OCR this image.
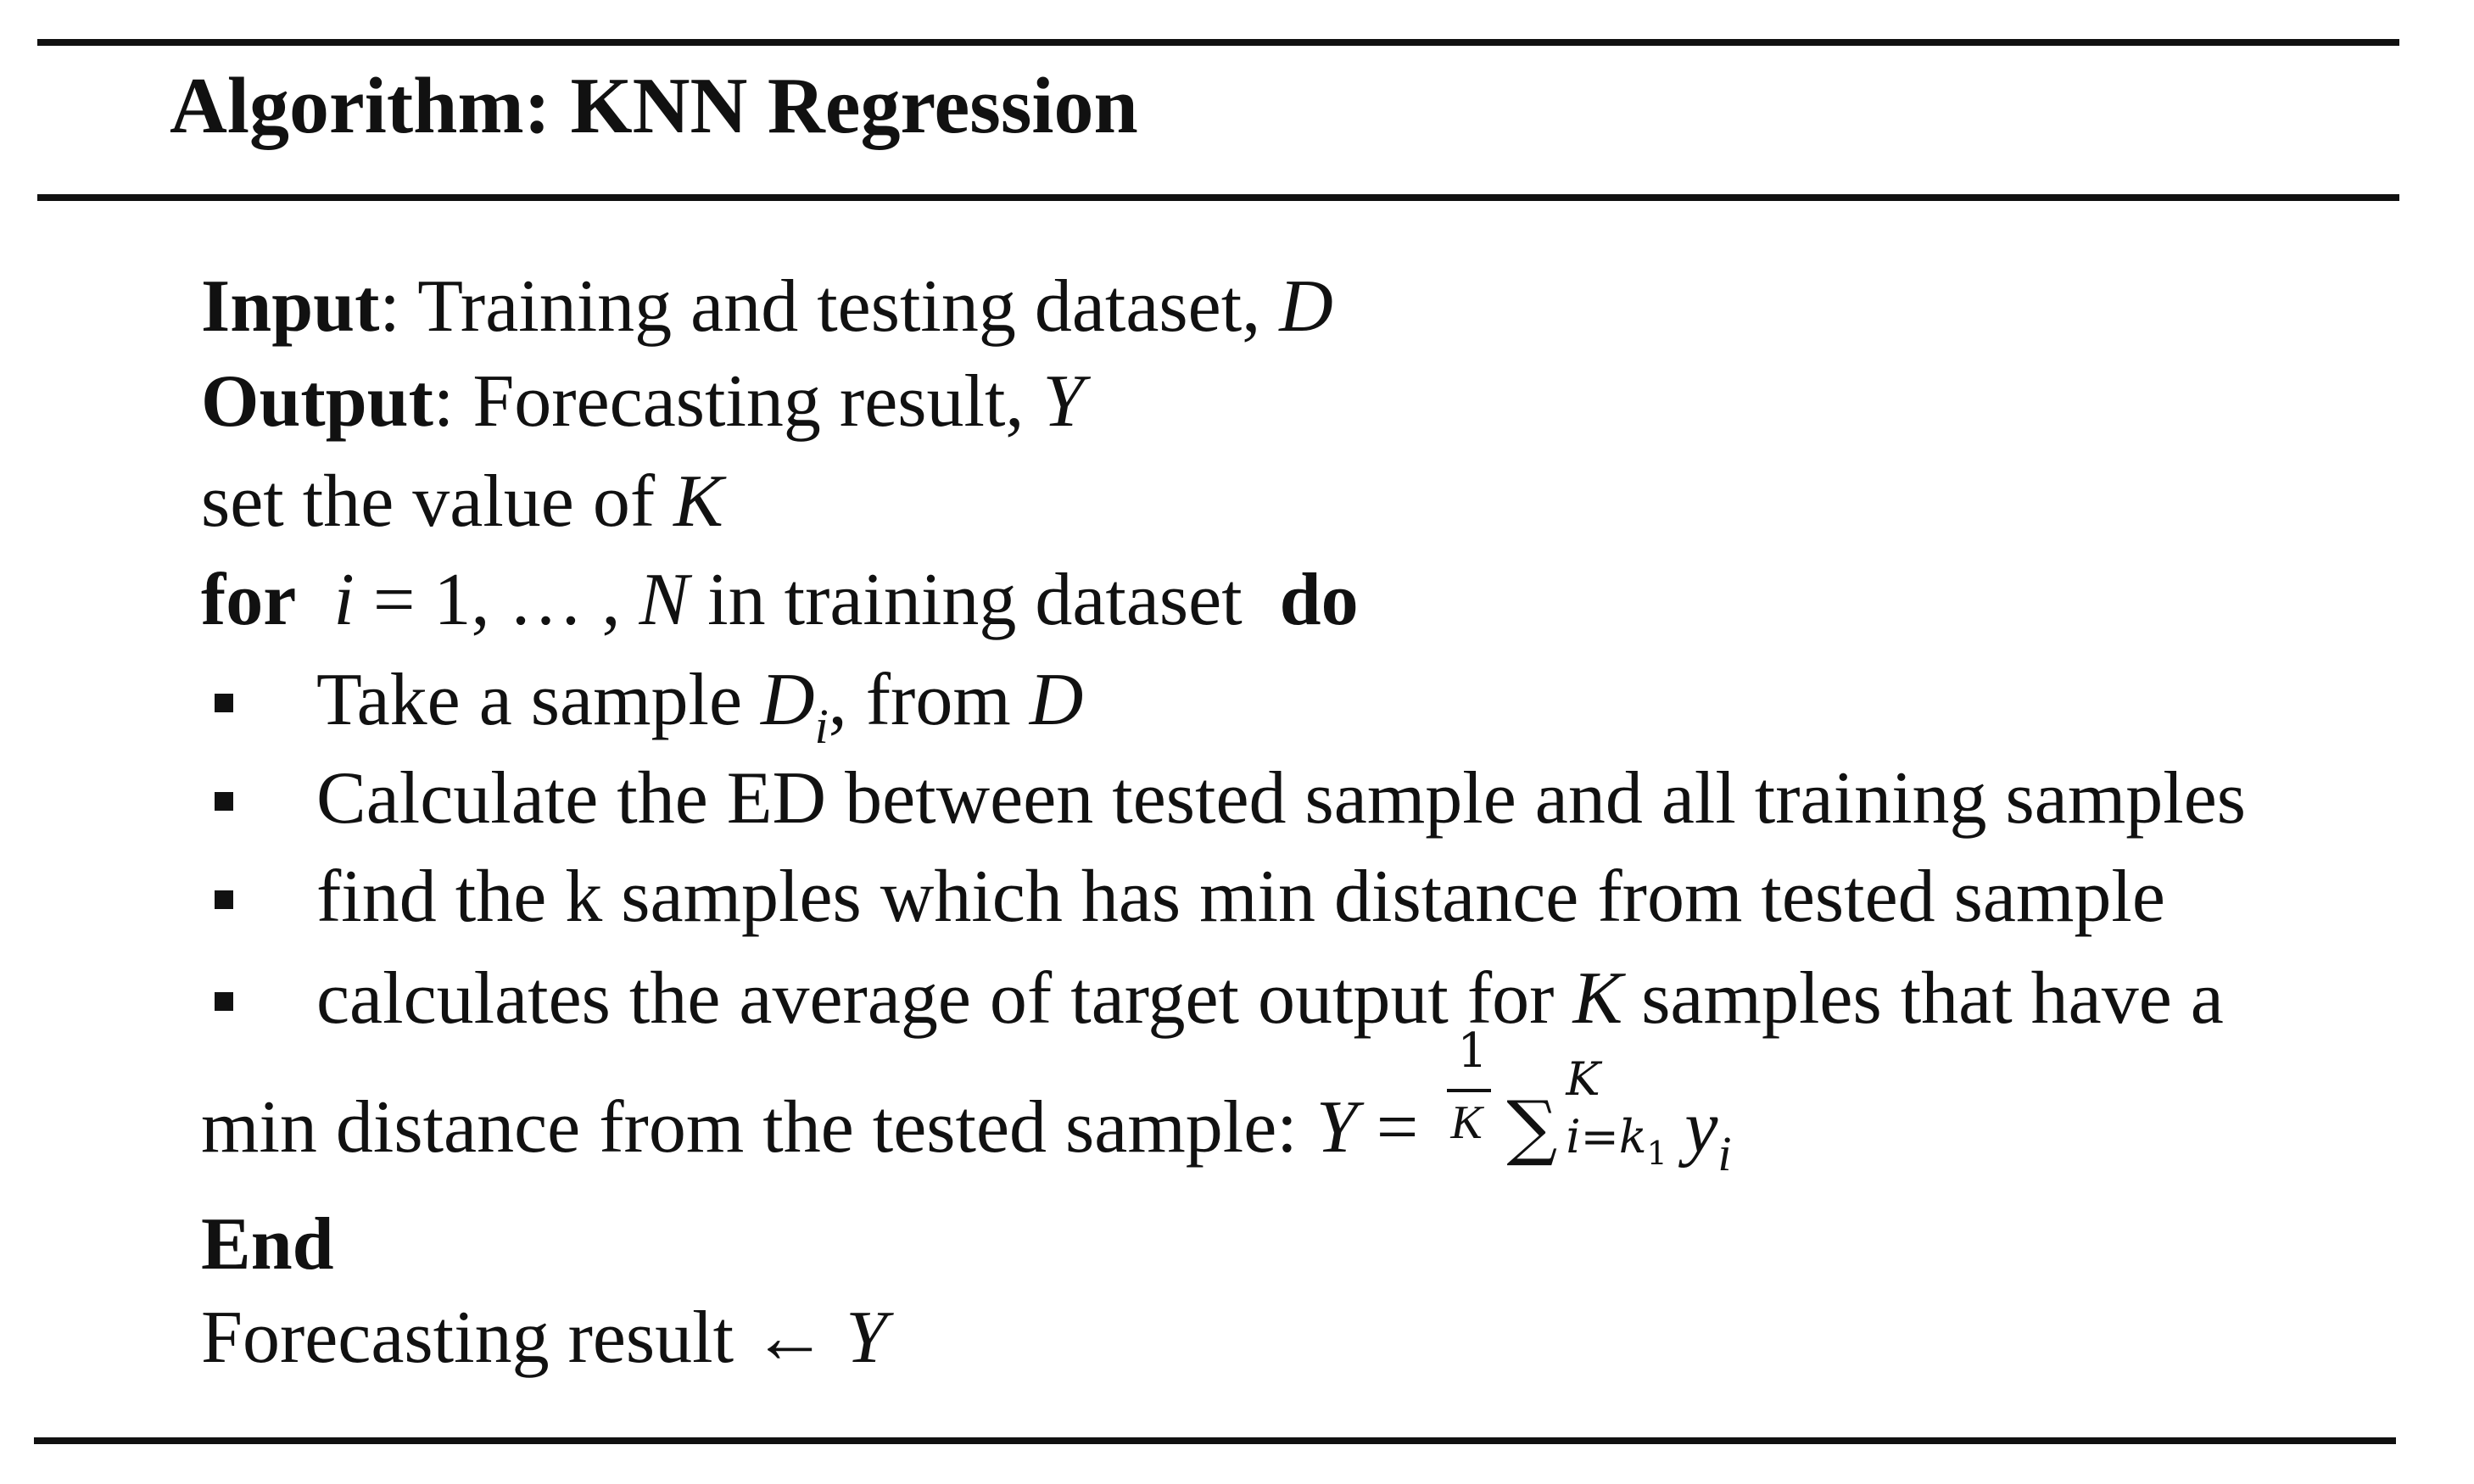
Algorithm: KNN Regression
Input: Training and testing dataset, D
Output: Forecasting result, Y
set the value of K
for i = 1, … , N in training dataset do
Take a sample $D_i$, from D
Calculate the ED between tested sample and all training samples
find the k samples which has min distance from tested sample
calculates the average of target output for K samples that have a
min distance from the tested sample: $Y = \frac{1}{K}$ ∑
K
$i=k_1$ $y_i$
End
Forecasting result ← Y
